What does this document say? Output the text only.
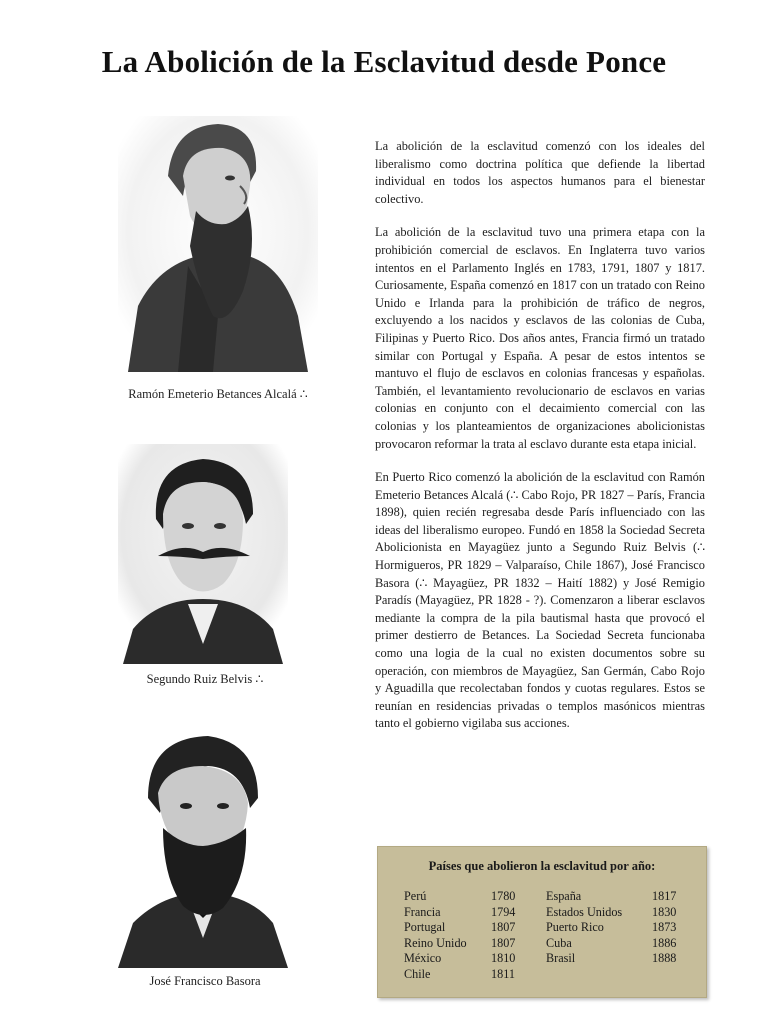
La Abolición de la Esclavitud desde Ponce
Ramón Emeterio Betances Alcalá ∴
Segundo Ruiz Belvis ∴
José Francisco Basora

La abolición de la esclavitud comenzó con los ideales del liberalismo como doctrina política que defiende la libertad individual en todos los aspectos humanos para el bienestar colectivo.

La abolición de la esclavitud tuvo una primera etapa con la prohibición comercial de esclavos. En Inglaterra tuvo varios intentos en el Parlamento Inglés en 1783, 1791, 1807 y 1817. Curiosamente, España comenzó en 1817 con un tratado con Reino Unido e Irlanda para la prohibición de tráfico de negros, excluyendo a los nacidos y esclavos de las colonias de Cuba, Filipinas y Puerto Rico. Dos años antes, Francia firmó un tratado similar con Portugal y España. A pesar de estos intentos se mantuvo el flujo de esclavos en colonias francesas y españolas. También, el levantamiento revolucionario de esclavos en varias colonias en conjunto con el decaimiento comercial con las colonias y los planteamientos de organizaciones abolicionistas provocaron reformar la trata al esclavo durante esta etapa inicial.

En Puerto Rico comenzó la abolición de la esclavitud con Ramón Emeterio Betances Alcalá (∴ Cabo Rojo, PR 1827 – París, Francia 1898), quien recién regresaba desde París influenciado con las ideas del liberalismo europeo. Fundó en 1858 la Sociedad Secreta Abolicionista en Mayagüez junto a Segundo Ruiz Belvis (∴ Hormigueros, PR 1829 – Valparaíso, Chile 1867), José Francisco Basora (∴ Mayagüez, PR 1832 – Haití 1882) y José Remigio Paradís (Mayagüez, PR 1828 - ?). Comenzaron a liberar esclavos mediante la compra de la pila bautismal hasta que provocó el primer destierro de Betances. La Sociedad Secreta funcionaba como una logia de la cual no existen documentos sobre su operación, con miembros de Mayagüez, San Germán, Cabo Rojo y Aguadilla que recolectaban fondos y cuotas regulares. Estos se reunían en residencias privadas o templos masónicos mientras tanto el gobierno vigilaba sus acciones.

Países que abolieron la esclavitud por año:
Perú	1780
Francia	1794
Portugal	1807
Reino Unido	1807
México	1810
Chile	1811
España	1817
Estados Unidos	1830
Puerto Rico	1873
Cuba	1886
Brasil	1888
